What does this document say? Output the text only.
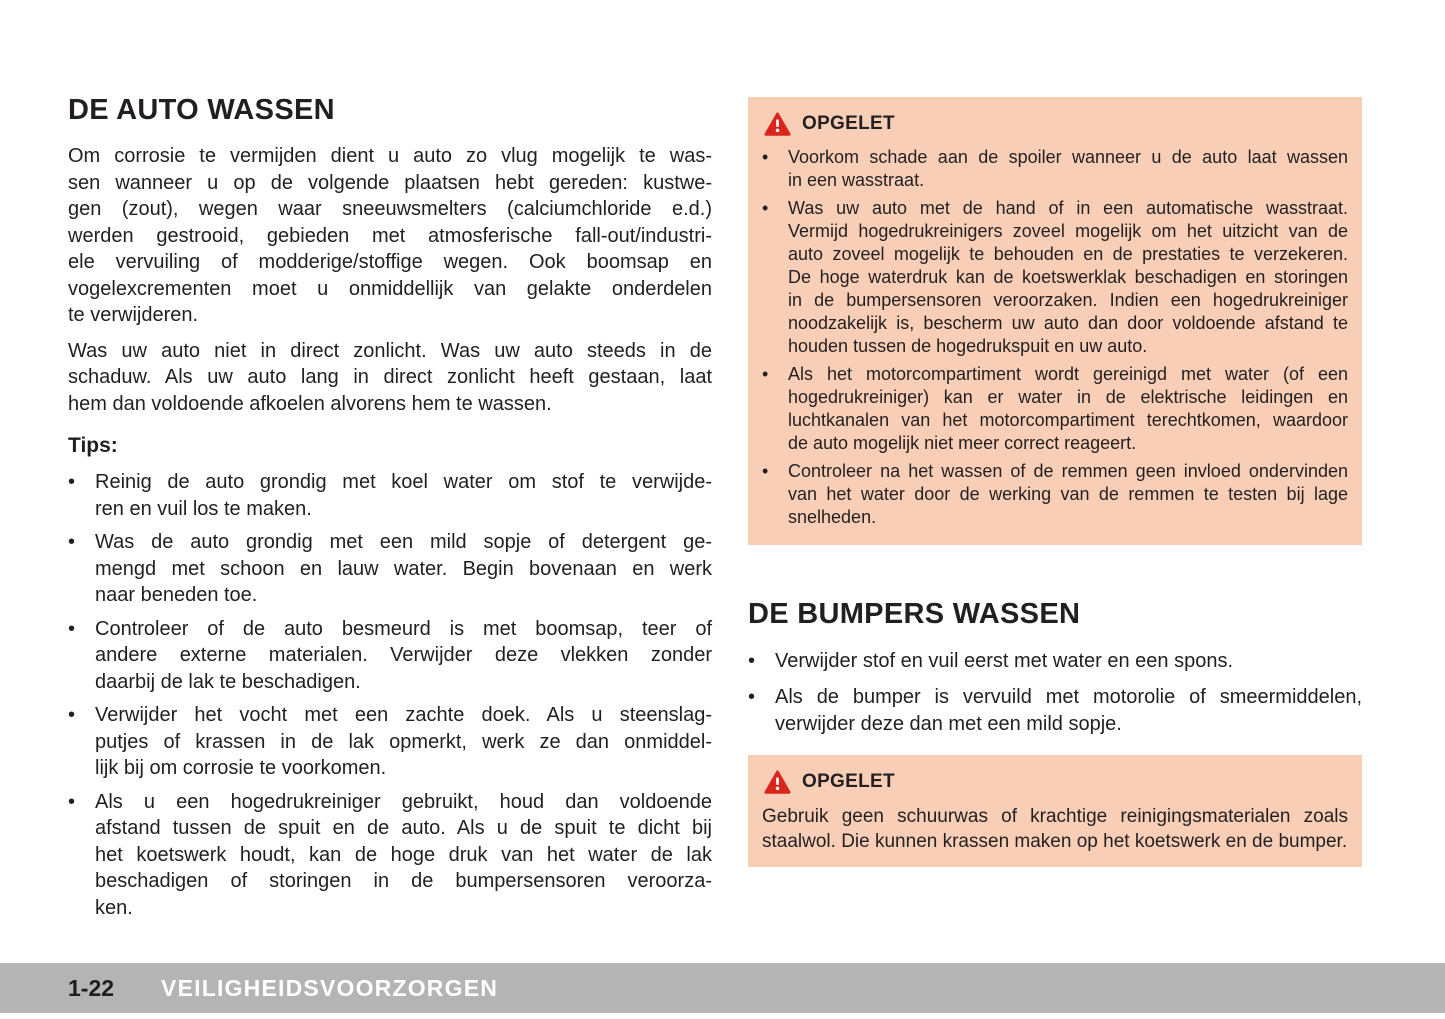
DE AUTO WASSEN
Om corrosie te vermijden dient u auto zo vlug mogelijk te was-
sen wanneer u op de volgende plaatsen hebt gereden: kustwe-
gen (zout), wegen waar sneeuwsmelters (calciumchloride e.d.)
werden gestrooid, gebieden met atmosferische fall-out/industri-
ele vervuiling of modderige/stoffige wegen. Ook boomsap en
vogelexcrementen moet u onmiddellijk van gelakte onderdelen
te verwijderen.
Was uw auto niet in direct zonlicht. Was uw auto steeds in de
schaduw. Als uw auto lang in direct zonlicht heeft gestaan, laat
hem dan voldoende afkoelen alvorens hem te wassen.
Tips:
• Reinig de auto grondig met koel water om stof te verwijde-
ren en vuil los te maken.
• Was de auto grondig met een mild sopje of detergent ge-
mengd met schoon en lauw water. Begin bovenaan en werk
naar beneden toe.
• Controleer of de auto besmeurd is met boomsap, teer of
andere externe materialen. Verwijder deze vlekken zonder
daarbij de lak te beschadigen.
• Verwijder het vocht met een zachte doek. Als u steenslag-
putjes of krassen in de lak opmerkt, werk ze dan onmiddel-
lijk bij om corrosie te voorkomen.
• Als u een hogedrukreiniger gebruikt, houd dan voldoende
afstand tussen de spuit en de auto. Als u de spuit te dicht bij
het koetswerk houdt, kan de hoge druk van het water de lak
beschadigen of storingen in de bumpersensoren veroorza-
ken.
OPGELET
•	Voorkom schade aan de spoiler wanneer u de auto laat wassen
in een wasstraat.
•	Was uw auto met de hand of in een automatische wasstraat.
Vermijd hogedrukreinigers zoveel mogelijk om het uitzicht van de
auto zoveel mogelijk te behouden en de prestaties te verzekeren.
De hoge waterdruk kan de koetswerklak beschadigen en storingen
in de bumpersensoren veroorzaken. Indien een hogedrukreiniger
noodzakelijk is, bescherm uw auto dan door voldoende afstand te
houden tussen de hogedrukspuit en uw auto.
•	Als het motorcompartiment wordt gereinigd met water (of een
hogedrukreiniger) kan er water in de elektrische leidingen en
luchtkanalen van het motorcompartiment terechtkomen, waardoor
de auto mogelijk niet meer correct reageert.
•	Controleer na het wassen of de remmen geen invloed ondervinden
van het water door de werking van de remmen te testen bij lage
snelheden.
DE BUMPERS WASSEN
• Verwijder stof en vuil eerst met water en een spons.
• Als de bumper is vervuild met motorolie of smeermiddelen,
verwijder deze dan met een mild sopje.
OPGELET
Gebruik geen schuurwas of krachtige reinigingsmaterialen zoals
staalwol. Die kunnen krassen maken op het koetswerk en de bumper.
1-22 VEILIGHEIDSVOORZORGEN
